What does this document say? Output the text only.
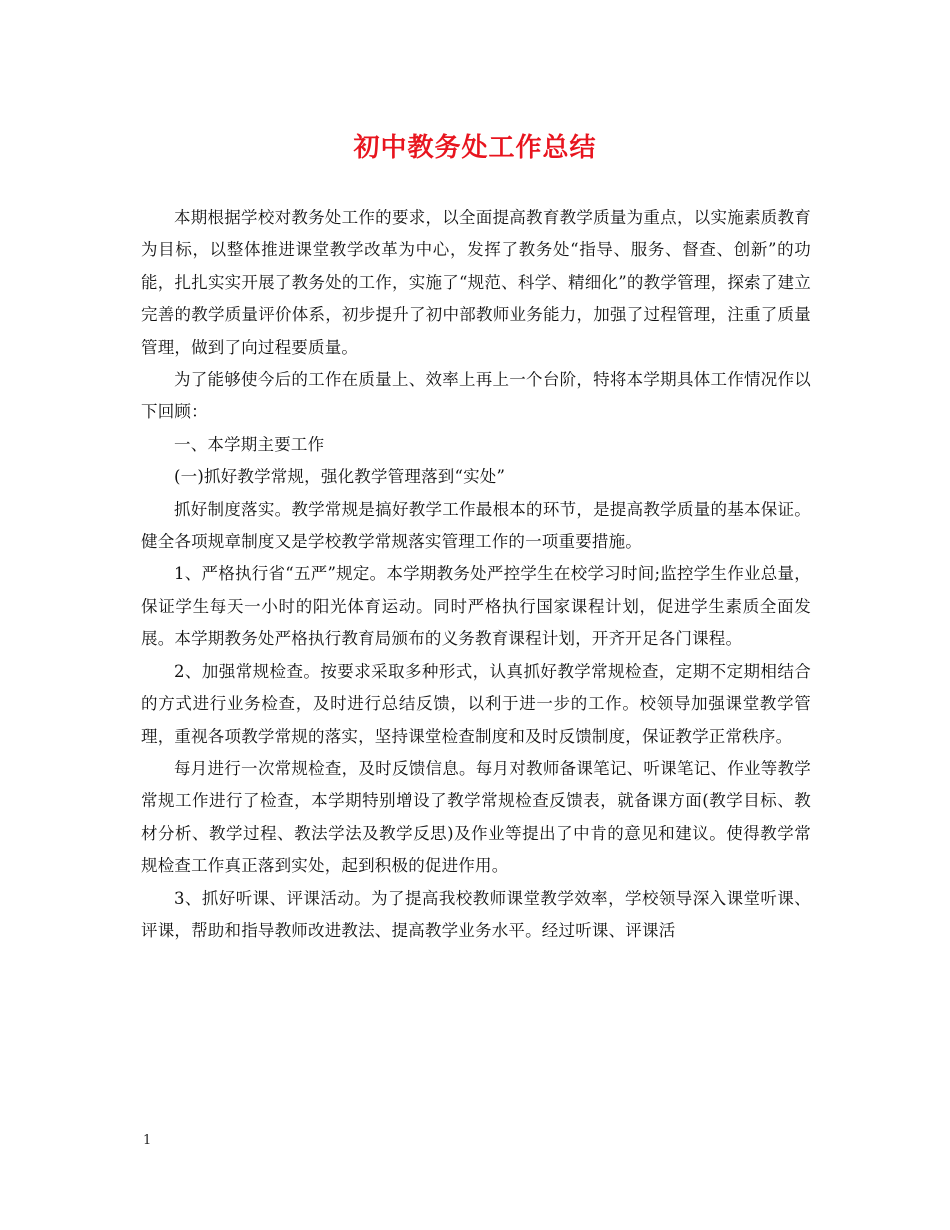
初中教务处工作总结

本期根据学校对教务处工作的要求，以全面提高教育教学质量为重点，以实施素质教育为目标，以整体推进课堂教学改革为中心，发挥了教务处“指导、服务、督查、创新”的功能，扎扎实实开展了教务处的工作，实施了“规范、科学、精细化”的教学管理，探索了建立完善的教学质量评价体系，初步提升了初中部教师业务能力，加强了过程管理，注重了质量管理，做到了向过程要质量。

为了能够使今后的工作在质量上、效率上再上一个台阶，特将本学期具体工作情况作以下回顾：

一、本学期主要工作

(一)抓好教学常规，强化教学管理落到“实处”

抓好制度落实。教学常规是搞好教学工作最根本的环节，是提高教学质量的基本保证。健全各项规章制度又是学校教学常规落实管理工作的一项重要措施。

1、严格执行省“五严”规定。本学期教务处严控学生在校学习时间;监控学生作业总量，保证学生每天一小时的阳光体育运动。同时严格执行国家课程计划，促进学生素质全面发展。本学期教务处严格执行教育局颁布的义务教育课程计划，开齐开足各门课程。

2、加强常规检查。按要求采取多种形式，认真抓好教学常规检查，定期不定期相结合的方式进行业务检查，及时进行总结反馈，以利于进一步的工作。校领导加强课堂教学管理，重视各项教学常规的落实，坚持课堂检查制度和及时反馈制度，保证教学正常秩序。

每月进行一次常规检查，及时反馈信息。每月对教师备课笔记、听课笔记、作业等教学常规工作进行了检查，本学期特别增设了教学常规检查反馈表，就备课方面(教学目标、教材分析、教学过程、教法学法及教学反思)及作业等提出了中肯的意见和建议。使得教学常规检查工作真正落到实处，起到积极的促进作用。

3、抓好听课、评课活动。为了提高我校教师课堂教学效率，学校领导深入课堂听课、评课，帮助和指导教师改进教法、提高教学业务水平。经过听课、评课活

1
